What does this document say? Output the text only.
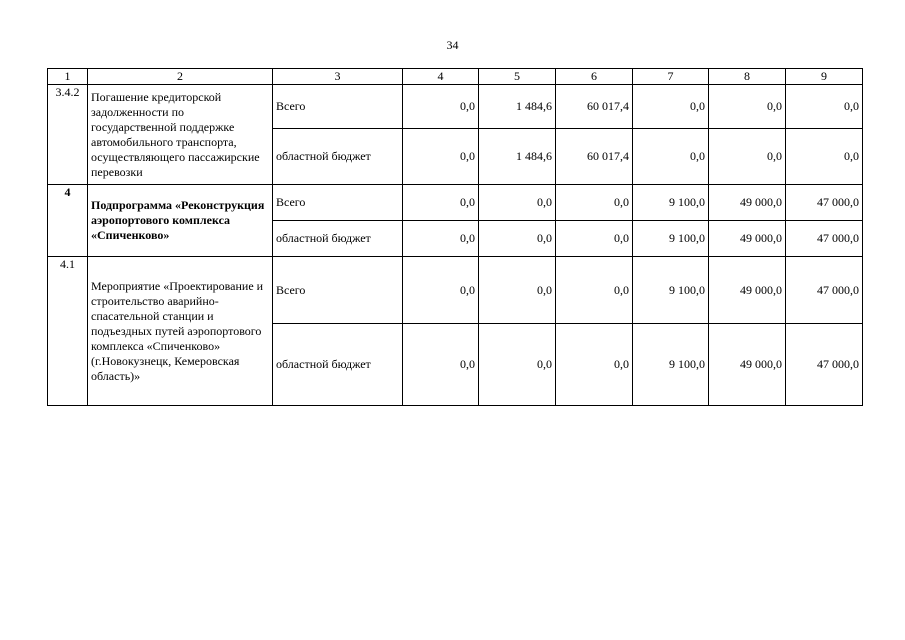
34
1	2	3	4	5	6	7	8	9
3.4.2	Погашение кредиторской задолженности по государственной поддержке автомобильного транспорта, осуществляющего пассажирские перевозки	Всего	0,0	1 484,6	60 017,4	0,0	0,0	0,0
		областной бюджет	0,0	1 484,6	60 017,4	0,0	0,0	0,0
4	Подпрограмма «Реконструкция аэропортового комплекса «Спиченково»	Всего	0,0	0,0	0,0	9 100,0	49 000,0	47 000,0
		областной бюджет	0,0	0,0	0,0	9 100,0	49 000,0	47 000,0
4.1	Мероприятие «Проектирование и строительство аварийно-спасательной станции и подъездных путей аэропортового комплекса «Спиченково» (г.Новокузнецк, Кемеровская область)»	Всего	0,0	0,0	0,0	9 100,0	49 000,0	47 000,0
		областной бюджет	0,0	0,0	0,0	9 100,0	49 000,0	47 000,0
